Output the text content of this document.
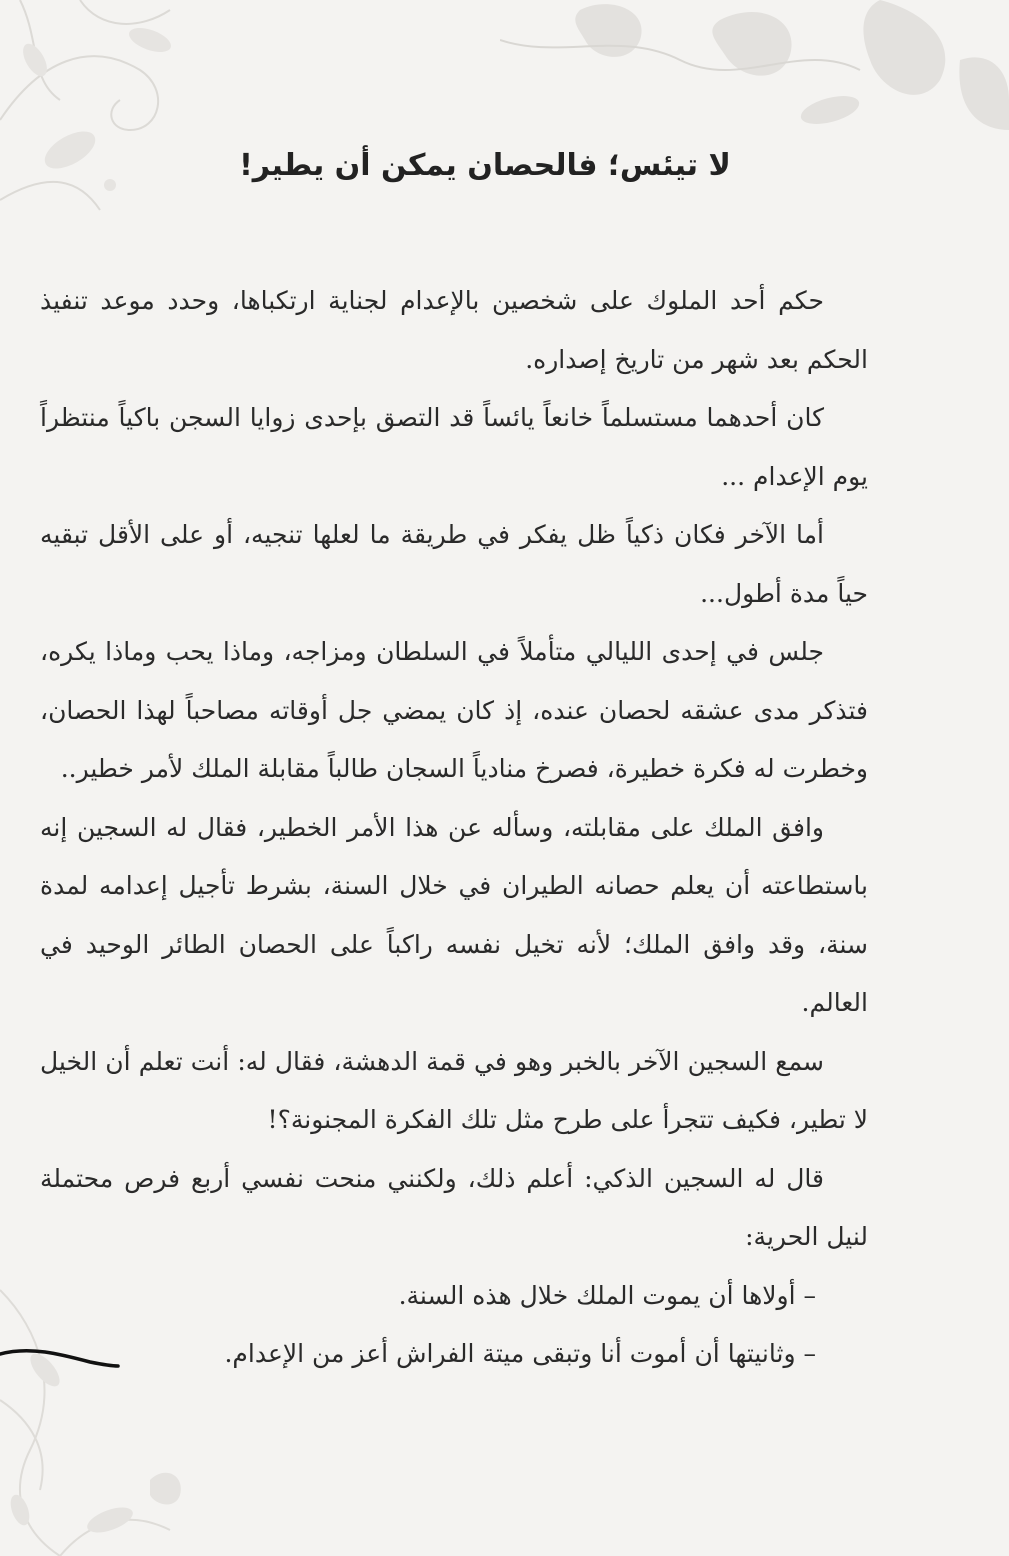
لا تيئس؛ فالحصان يمكن أن يطير!

حكم أحد الملوك على شخصين بالإعدام لجناية ارتكباها، وحدد موعد تنفيذ الحكم بعد شهر من تاريخ إصداره.

كان أحدهما مستسلماً خانعاً يائساً قد التصق بإحدى زوايا السجن باكياً منتظراً يوم الإعدام ...

أما الآخر فكان ذكياً ظل يفكر في طريقة ما لعلها تنجيه، أو على الأقل تبقيه حياً مدة أطول...

جلس في إحدى الليالي متأملاً في السلطان ومزاجه، وماذا يحب وماذا يكره، فتذكر مدى عشقه لحصان عنده، إذ كان يمضي جل أوقاته مصاحباً لهذا الحصان، وخطرت له فكرة خطيرة، فصرخ منادياً السجان طالباً مقابلة الملك لأمر خطير..

وافق الملك على مقابلته، وسأله عن هذا الأمر الخطير، فقال له السجين إنه باستطاعته أن يعلم حصانه الطيران في خلال السنة، بشرط تأجيل إعدامه لمدة سنة، وقد وافق الملك؛ لأنه تخيل نفسه راكباً على الحصان الطائر الوحيد في العالم.

سمع السجين الآخر بالخبر وهو في قمة الدهشة، فقال له: أنت تعلم أن الخيل لا تطير، فكيف تتجرأ على طرح مثل تلك الفكرة المجنونة؟!

قال له السجين الذكي: أعلم ذلك، ولكنني منحت نفسي أربع فرص محتملة لنيل الحرية:

– أولاها أن يموت الملك خلال هذه السنة.

– وثانيتها أن أموت أنا وتبقى ميتة الفراش أعز من الإعدام.
